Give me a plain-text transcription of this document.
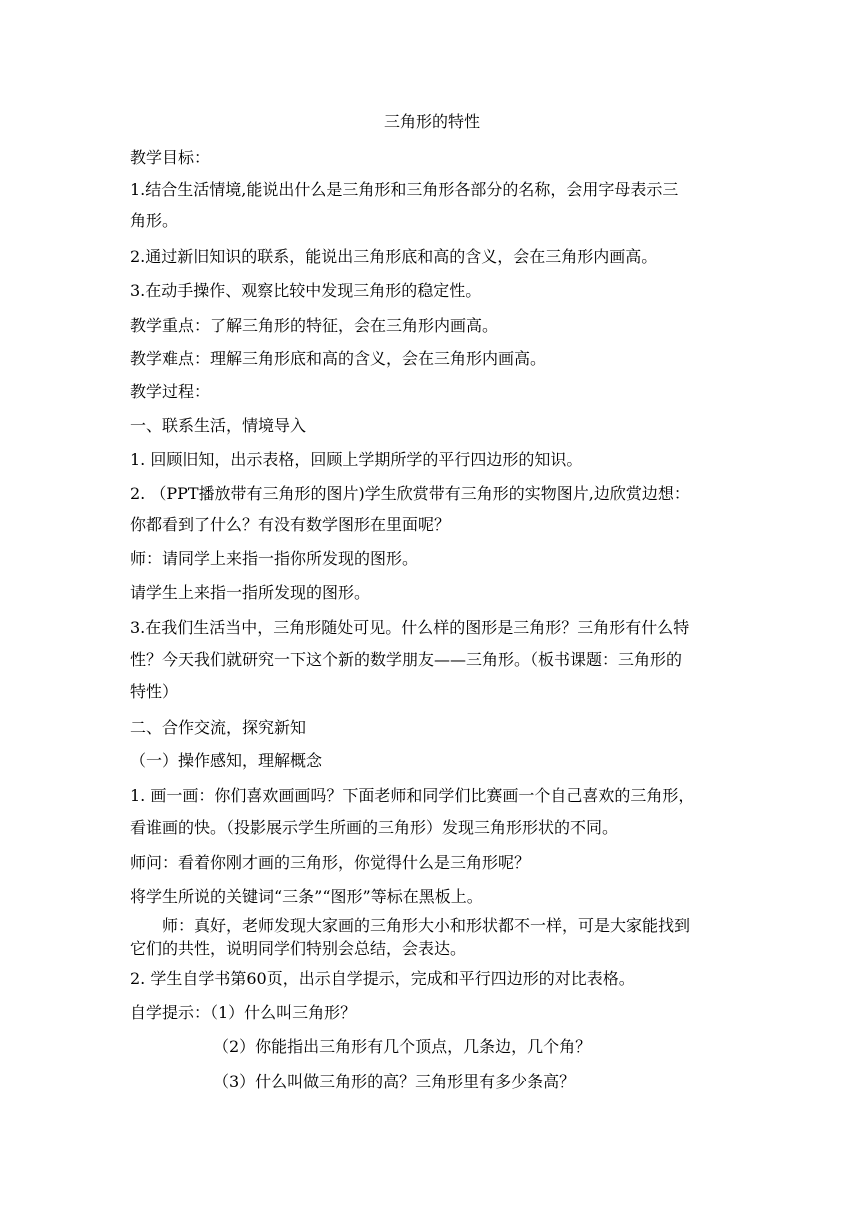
三角形的特性
教学目标：
1.结合生活情境,能说出什么是三角形和三角形各部分的名称，会用字母表示三
角形。
2.通过新旧知识的联系，能说出三角形底和高的含义，会在三角形内画高。
3.在动手操作、观察比较中发现三角形的稳定性。
教学重点：了解三角形的特征，会在三角形内画高。
教学难点：理解三角形底和高的含义，会在三角形内画高。
教学过程：
一、联系生活，情境导入
1. 回顾旧知，出示表格，回顾上学期所学的平行四边形的知识。
2. （PPT播放带有三角形的图片)学生欣赏带有三角形的实物图片,边欣赏边想：
你都看到了什么？有没有数学图形在里面呢？
师：请同学上来指一指你所发现的图形。
请学生上来指一指所发现的图形。
3.在我们生活当中，三角形随处可见。什么样的图形是三角形？三角形有什么特
性？今天我们就研究一下这个新的数学朋友——三角形。（板书课题：三角形的
特性）
二、合作交流，探究新知
（一）操作感知，理解概念
1. 画一画：你们喜欢画画吗？下面老师和同学们比赛画一个自己喜欢的三角形，
看谁画的快。（投影展示学生所画的三角形）发现三角形形状的不同。
师问：看着你刚才画的三角形，你觉得什么是三角形呢？
将学生所说的关键词“三条”“图形”等标在黑板上。
师：真好，老师发现大家画的三角形大小和形状都不一样，可是大家能找到
它们的共性，说明同学们特别会总结，会表达。
2. 学生自学书第60页，出示自学提示，完成和平行四边形的对比表格。
自学提示：（1）什么叫三角形？
（2）你能指出三角形有几个顶点，几条边，几个角？
（3）什么叫做三角形的高？三角形里有多少条高？
